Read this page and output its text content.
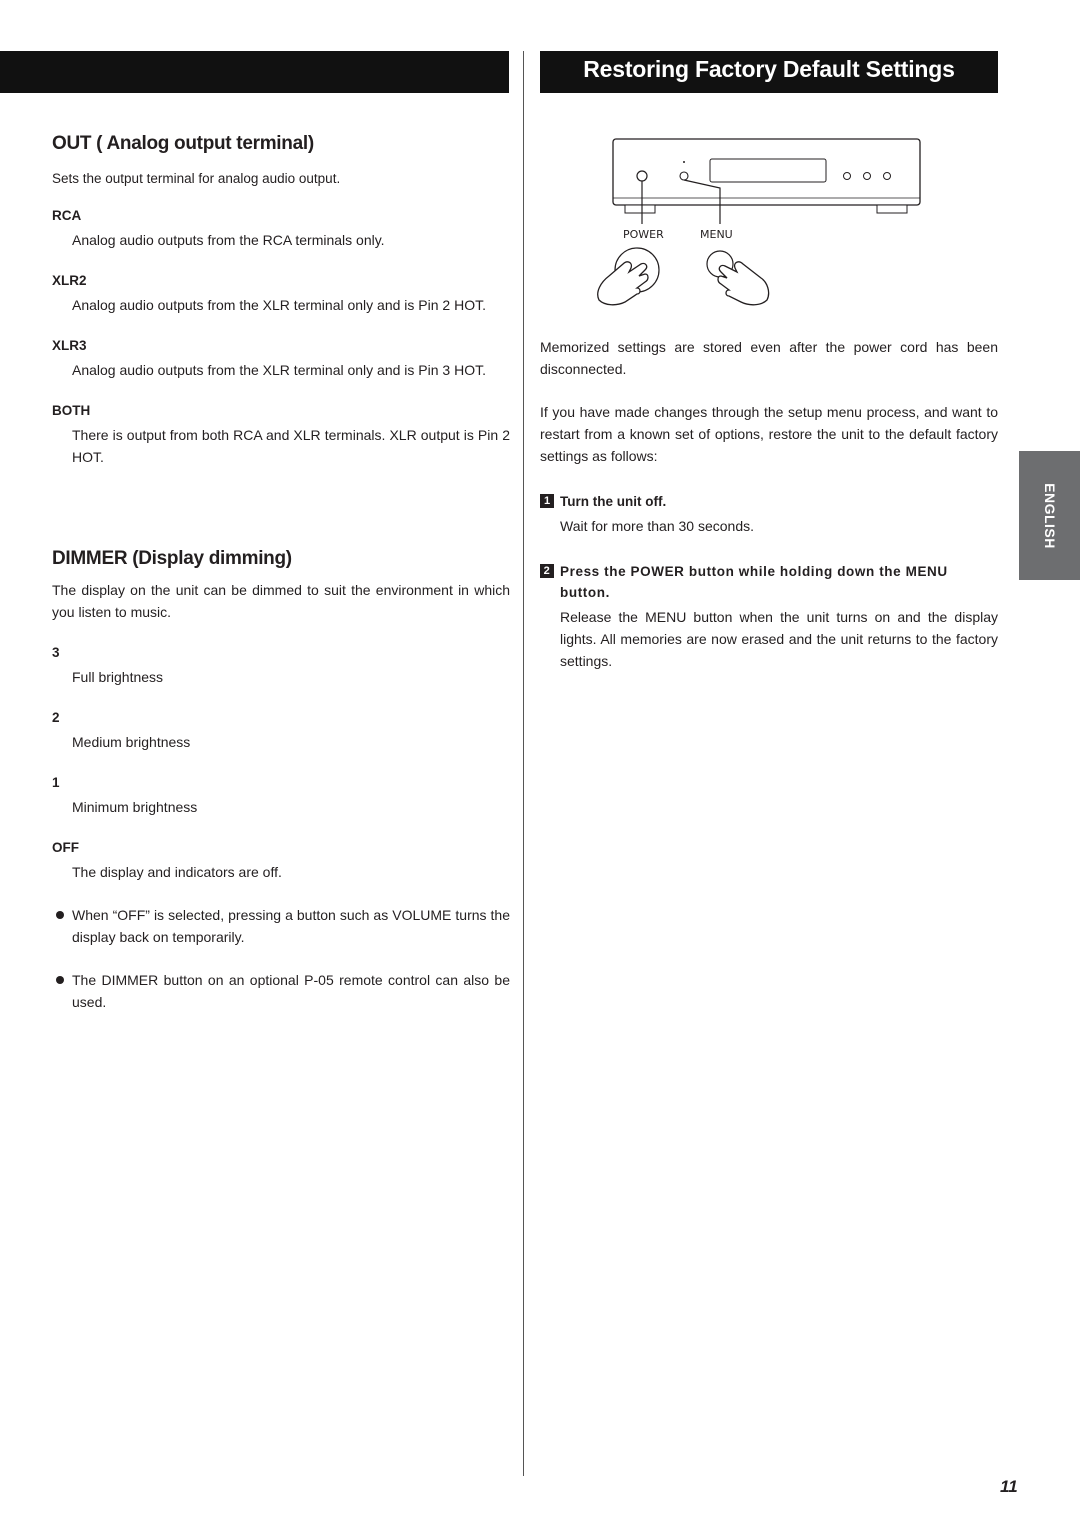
Restoring Factory Default Settings
OUT ( Analog output terminal)

Sets the output terminal for analog audio output.

RCA

Analog audio outputs from the RCA terminals only.

XLR2

Analog audio outputs from the XLR terminal only and is Pin 2 HOT.

XLR3

Analog audio outputs from the XLR terminal only and is Pin 3 HOT.

BOTH

There is output from both RCA and XLR terminals. XLR output is Pin 2 HOT.

DIMMER (Display dimming)

The display on the unit can be dimmed to suit the environment in which you listen to music.

3

Full brightness

2

Medium brightness

1

Minimum brightness

OFF

The display and indicators are off.

When “OFF” is selected, pressing a button such as VOLUME turns the display back on temporarily.
The DIMMER button on an optional P-05 remote control can also be used.
POWER	MENU

Memorized settings are stored even after the power cord has been disconnected.

If you have made changes through the setup menu process, and want to restart from a known set of options, restore the unit to the default factory settings as follows:

1 Turn the unit off.

Wait for more than 30 seconds.

2 Press the POWER button while holding down the MENU button.

Release the MENU button when the unit turns on and the display lights. All memories are now erased and the unit returns to the factory settings.

ENGLISH
11
